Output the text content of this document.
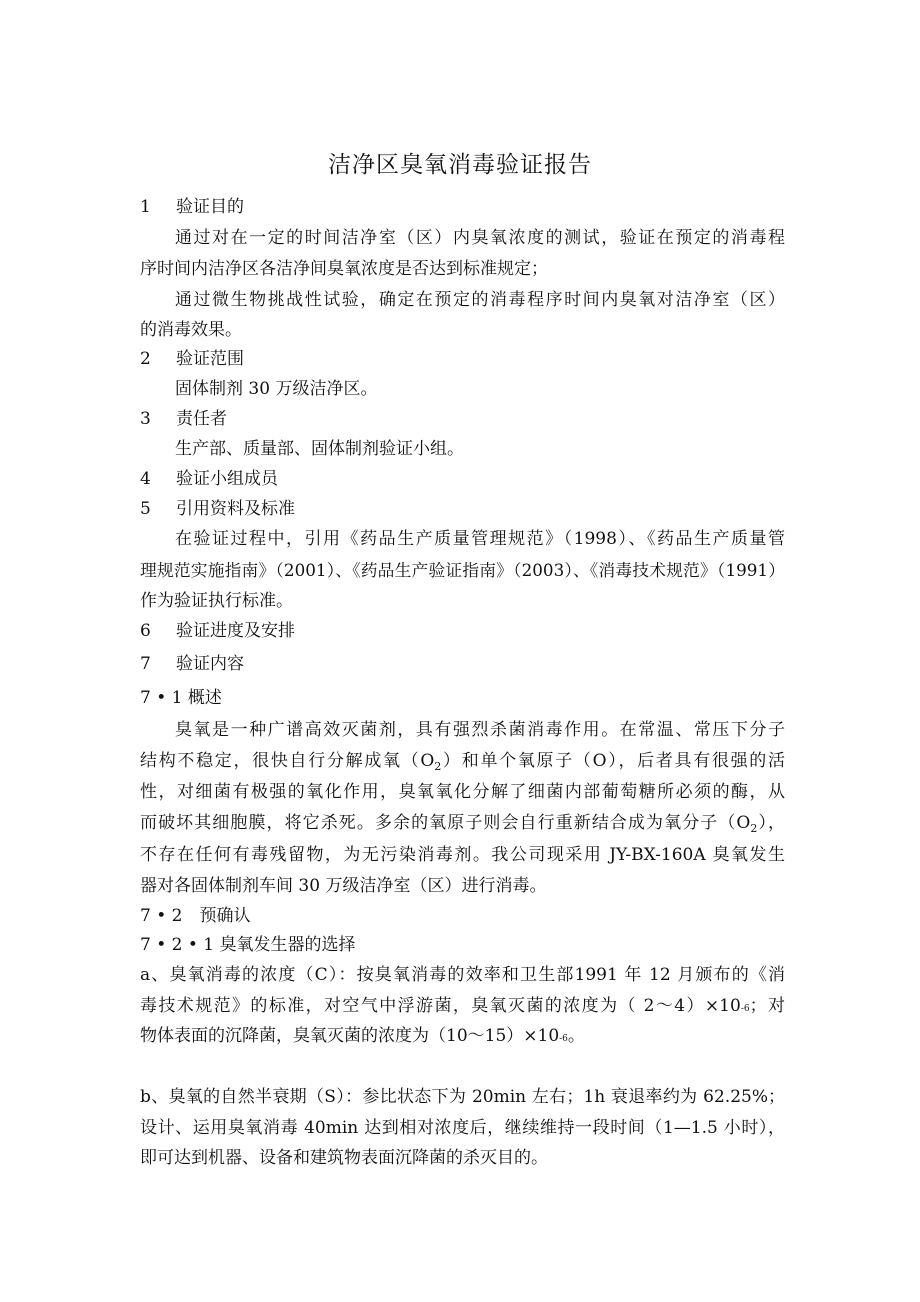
洁净区臭氧消毒验证报告
1 验证目的
通过对在一定的时间洁净室（区）内臭氧浓度的测试，验证在预定的消毒程
序时间内洁净区各洁净间臭氧浓度是否达到标准规定；
通过微生物挑战性试验，确定在预定的消毒程序时间内臭氧对洁净室（区）
的消毒效果。
2 验证范围
固体制剂 30 万级洁净区。
3 责任者
生产部、质量部、固体制剂验证小组。
4 验证小组成员
5 引用资料及标准
在验证过程中，引用《药品生产质量管理规范》（1998）、《药品生产质量管
理规范实施指南》（2001）、《药品生产验证指南》（2003）、《消毒技术规范》（1991）
作为验证执行标准。
6 验证进度及安排
7 验证内容
7 • 1 概述
臭氧是一种广谱高效灭菌剂，具有强烈杀菌消毒作用。在常温、常压下分子
结构不稳定，很快自行分解成氧$(O_2)$和单个氧原子（O），后者具有很强的活
性，对细菌有极强的氧化作用，臭氧氧化分解了细菌内部葡萄糖所必须的酶，从
而破坏其细胞膜，将它杀死。多余的氧原子则会自行重新结合成为氧分子$(O_2)$，
不存在任何有毒残留物，为无污染消毒剂。我公司现采用 JY-BX-160A 臭氧发生
器对各固体制剂车间 30 万级洁净室（区）进行消毒。
7 • 2　预确认
7 • 2 • 1 臭氧发生器的选择
a、臭氧消毒的浓度（C）：按臭氧消毒的效率和卫生部1991 年 12 月颁布的《消
毒技术规范》的标准，对空气中浮游菌，臭氧灭菌的浓度为（ 2～4）×10-6；对
物体表面的沉降菌，臭氧灭菌的浓度为（10～15）×10-6。
b、臭氧的自然半衰期（S）：参比状态下为 20min 左右；1h 衰退率约为 62.25%；
设计、运用臭氧消毒 40min 达到相对浓度后，继续维持一段时间（1—1.5 小时），
即可达到机器、设备和建筑物表面沉降菌的杀灭目的。
